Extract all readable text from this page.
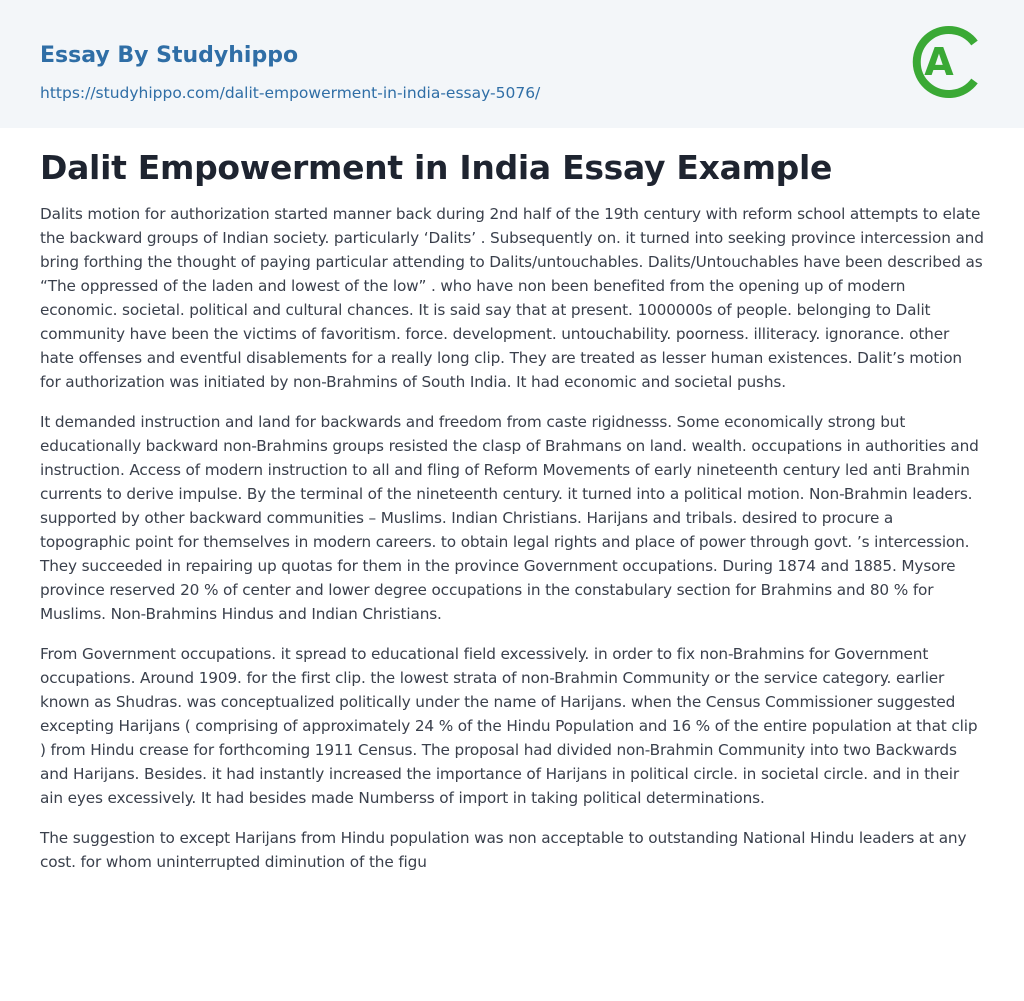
Essay By Studyhippo
https://studyhippo.com/dalit-empowerment-in-india-essay-5076/
A
Dalit Empowerment in India Essay Example

Dalits motion for authorization started manner back during 2nd half of the 19th century with reform school attempts to elate the backward groups of Indian society. particularly ‘Dalits’ . Subsequently on. it turned into seeking province intercession and bring forthing the thought of paying particular attending to Dalits/untouchables. Dalits/Untouchables have been described as “The oppressed of the laden and lowest of the low” . who have non been benefited from the opening up of modern economic. societal. political and cultural chances. It is said say that at present. 1000000s of people. belonging to Dalit community have been the victims of favoritism. force. development. untouchability. poorness. illiteracy. ignorance. other hate offenses and eventful disablements for a really long clip. They are treated as lesser human existences. Dalit’s motion for authorization was initiated by non-Brahmins of South India. It had economic and societal pushs.

It demanded instruction and land for backwards and freedom from caste rigidnesss. Some economically strong but educationally backward non-Brahmins groups resisted the clasp of Brahmans on land. wealth. occupations in authorities and instruction. Access of modern instruction to all and fling of Reform Movements of early nineteenth century led anti Brahmin currents to derive impulse. By the terminal of the nineteenth century. it turned into a political motion. Non-Brahmin leaders. supported by other backward communities – Muslims. Indian Christians. Harijans and tribals. desired to procure a topographic point for themselves in modern careers. to obtain legal rights and place of power through govt. ’s intercession. They succeeded in repairing up quotas for them in the province Government occupations. During 1874 and 1885. Mysore province reserved 20 % of center and lower degree occupations in the constabulary section for Brahmins and 80 % for Muslims. Non-Brahmins Hindus and Indian Christians.

From Government occupations. it spread to educational field excessively. in order to fix non-Brahmins for Government occupations. Around 1909. for the first clip. the lowest strata of non-Brahmin Community or the service category. earlier known as Shudras. was conceptualized politically under the name of Harijans. when the Census Commissioner suggested excepting Harijans ( comprising of approximately 24 % of the Hindu Population and 16 % of the entire population at that clip ) from Hindu crease for forthcoming 1911 Census. The proposal had divided non-Brahmin Community into two Backwards and Harijans. Besides. it had instantly increased the importance of Harijans in political circle. in societal circle. and in their ain eyes excessively. It had besides made Numberss of import in taking political determinations.

The suggestion to except Harijans from Hindu population was non acceptable to outstanding National Hindu leaders at any cost. for whom uninterrupted diminution of the figu
